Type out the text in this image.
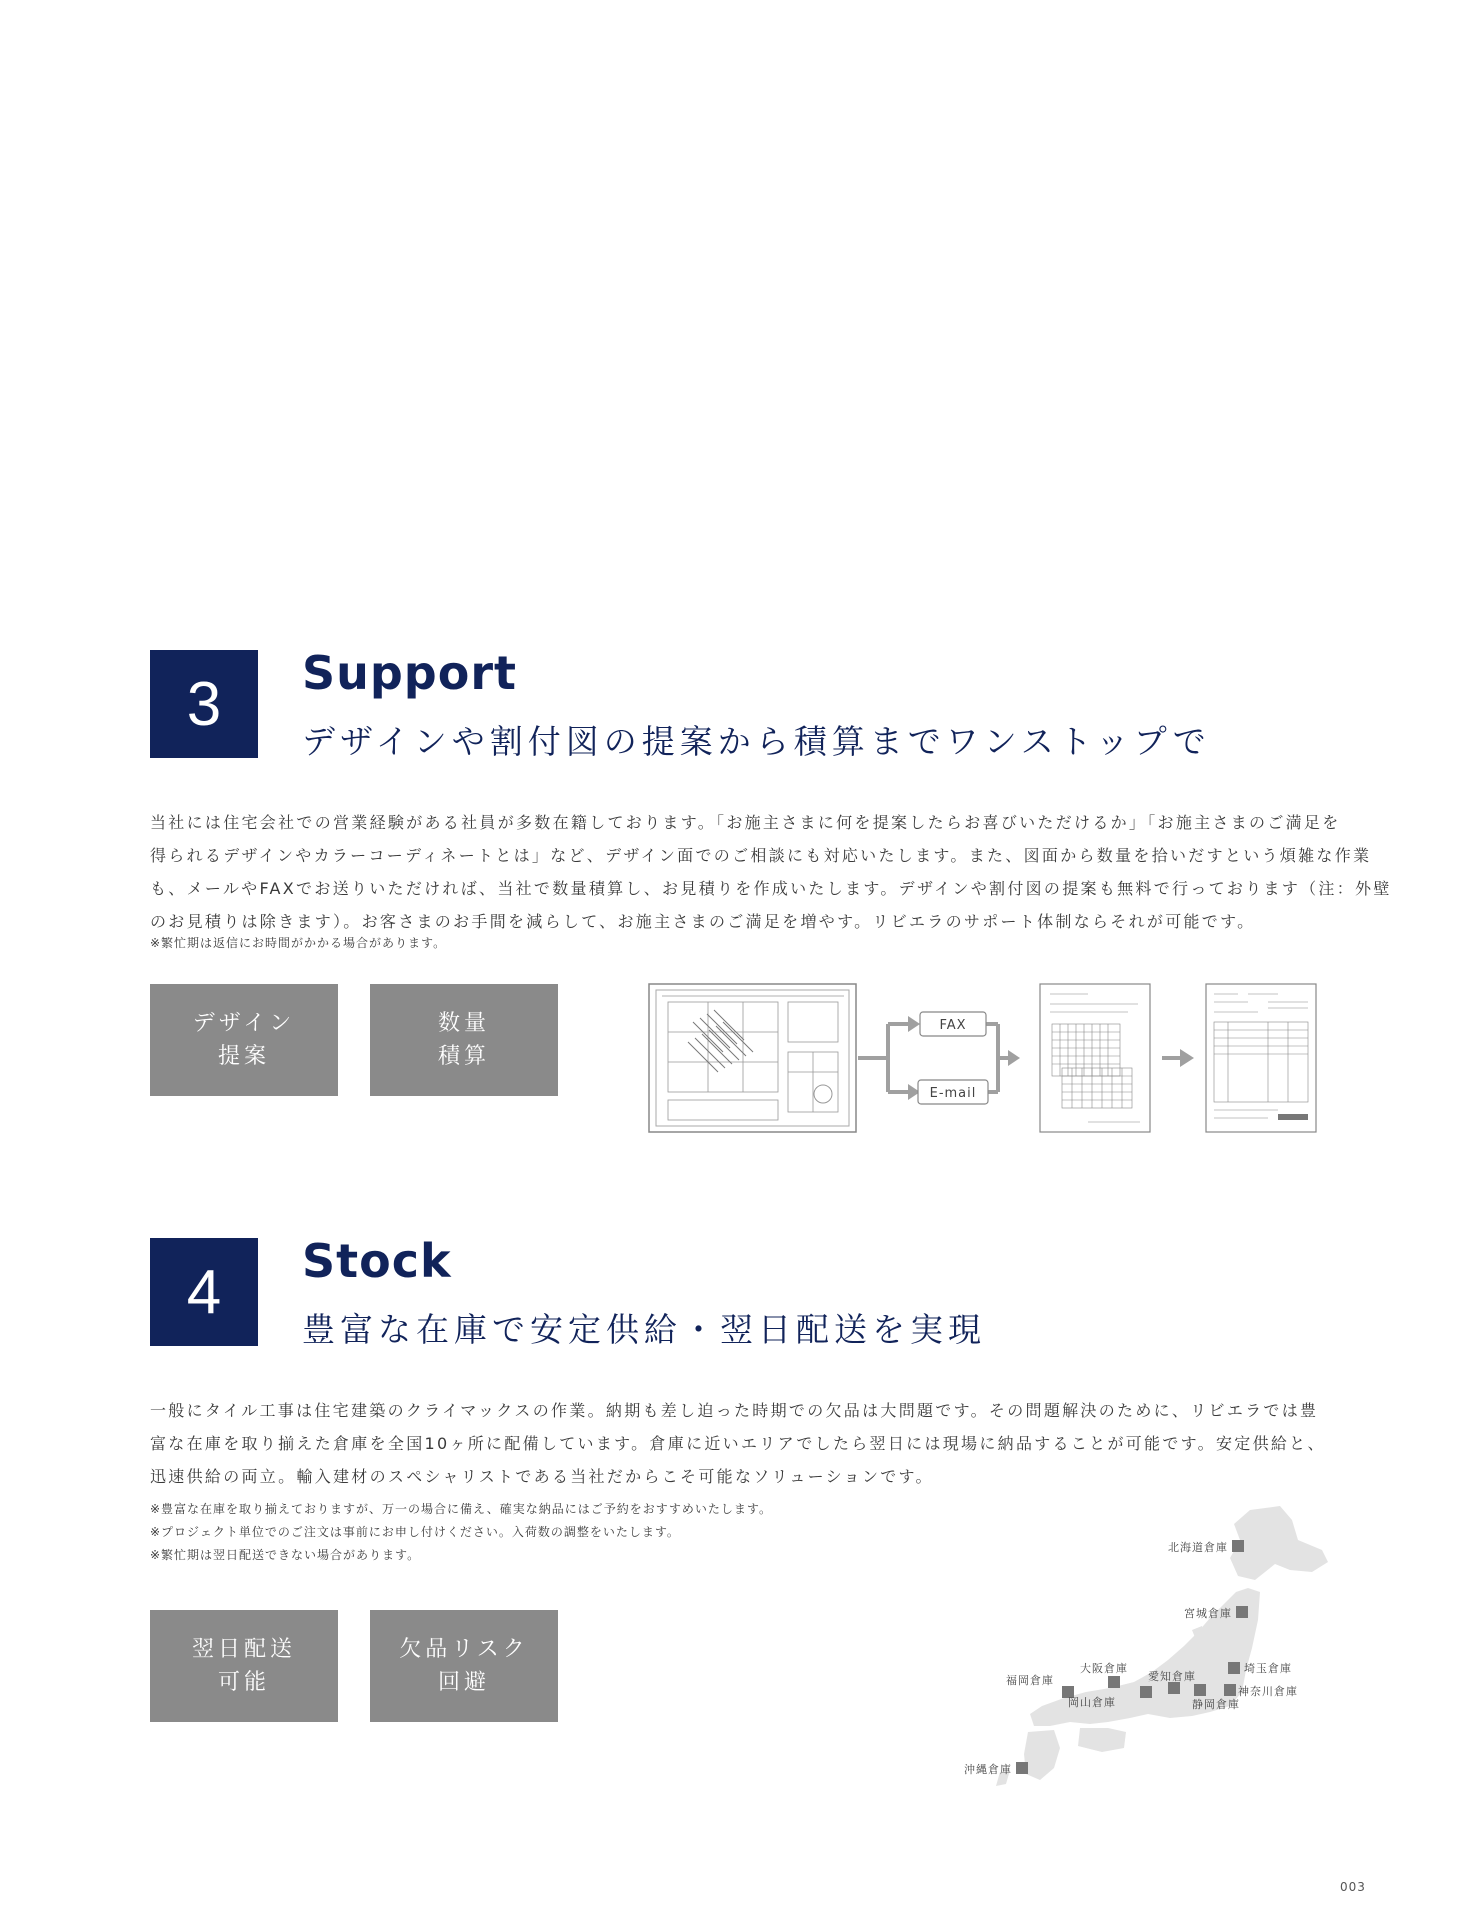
3	Support
デザインや割付図の提案から積算までワンストップで

当社には住宅会社での営業経験がある社員が多数在籍しております。「お施主さまに何を提案したらお喜びいただけるか」「お施主さまのご満足を

得られるデザインやカラーコーディネートとは」など、デザイン面でのご相談にも対応いたします。また、図面から数量を拾いだすという煩雑な作業

も、メールやFAXでお送りいただければ、当社で数量積算し、お見積りを作成いたします。デザインや割付図の提案も無料で行っております（注：外壁

のお見積りは除きます）。お客さまのお手間を減らして、お施主さまのご満足を増やす。リビエラのサポート体制ならそれが可能です。

※繁忙期は返信にお時間がかかる場合があります。

デザイン
提案
数量
積算
FAX
E-mail
4	Stock
豊富な在庫で安定供給・翌日配送を実現

一般にタイル工事は住宅建築のクライマックスの作業。納期も差し迫った時期での欠品は大問題です。その問題解決のために、リビエラでは豊

富な在庫を取り揃えた倉庫を全国10ヶ所に配備しています。倉庫に近いエリアでしたら翌日には現場に納品することが可能です。安定供給と、

迅速供給の両立。輸入建材のスペシャリストである当社だからこそ可能なソリューションです。

※豊富な在庫を取り揃えておりますが、万一の場合に備え、確実な納品にはご予約をおすすめいたします。

※プロジェクト単位でのご注文は事前にお申し付けください。入荷数の調整をいたします。

※繁忙期は翌日配送できない場合があります。

翌日配送
可能
欠品リスク
回避
北海道倉庫
宮城倉庫
埼玉倉庫
大阪倉庫
愛知倉庫
神奈川倉庫
福岡倉庫
岡山倉庫	静岡倉庫
沖縄倉庫
003
